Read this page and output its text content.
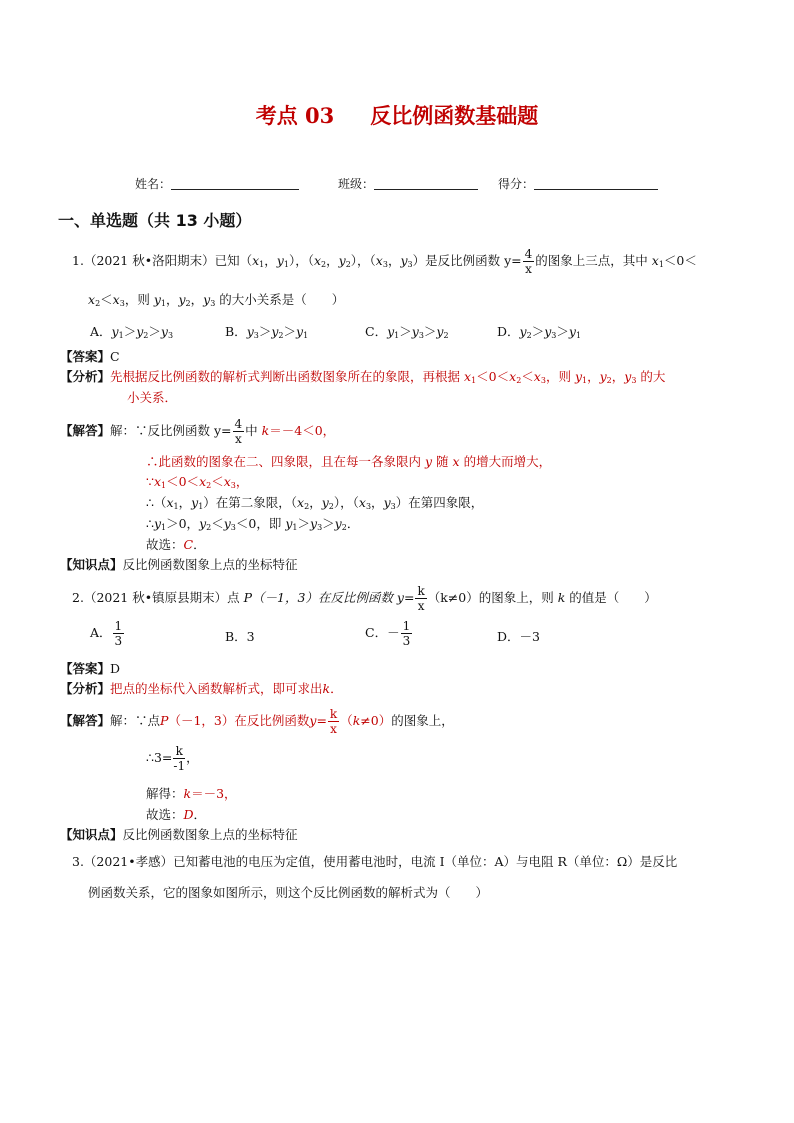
考点 03 反比例函数基础题
姓名：	班级：	得分：
一、单选题（共 13 小题）
1.（2021 秋•洛阳期末）已知（$x_1$，$y_1$），（$x_2$，$y_2$），（$x_3$，$y_3$）是反比例函数 $y= \frac{4}{x}$ 的图象上三点，其中 $x_1<0<$
$x_2<x_3$，则 $y_1$，$y_2$，$y_3$ 的大小关系是（　　）
A．$y_1>y_2>y_3$	B．$y_3>y_2>y_1$	C．$y_1>y_3>y_2$	D．$y_2>y_3>y_1$
【答案】C
【分析】先根据反比例函数的解析式判断出函数图象所在的象限，再根据 $x_1<0<x_2<x_3$，则 $y_1$，$y_2$，$y_3$ 的大
小关系．
【解答】解：∵反比例函数 $y= \frac{4}{x}$ 中 k＝－4＜0，
∴此函数的图象在二、四象限，且在每一各象限内 y 随 x 的增大而增大，
$\because x_1<0<x_2<x_3$，
$\therefore(x_1$，$y_1$）在第二象限，（$x_2$，$y_2$），（$x_3$，$y_3$）在第四象限，
$\therefore y_1>0$，$y_2<y_3<0$，即 $y_1>y_3>y_2$．
故选：C．
【知识点】反比例函数图象上点的坐标特征
2.（2021 秋•镇原县期末）点 P（－1，3）在反比例函数 $y= \frac{k}{x} (k\ne 0)$的图象上，则 k 的值是（　　）
A． $\frac{1}{3}$	B．3	C．－ $\frac{1}{3}$	D．－3
【答案】D
【分析】把点的坐标代入函数解析式，即可求出k．
【解答】解：∵点P（－1，3）在反比例函数$y= \frac{k}{x} (k\ne 0)$的图象上，
∴3= $\frac{k}{-1}$ ，
解得：k＝－3，
故选：D．
【知识点】反比例函数图象上点的坐标特征
3.（2021•孝感）已知蓄电池的电压为定值，使用蓄电池时，电流 I（单位：A）与电阻 R（单位：Ω）是反比
例函数关系，它的图象如图所示，则这个反比例函数的解析式为（　　）
